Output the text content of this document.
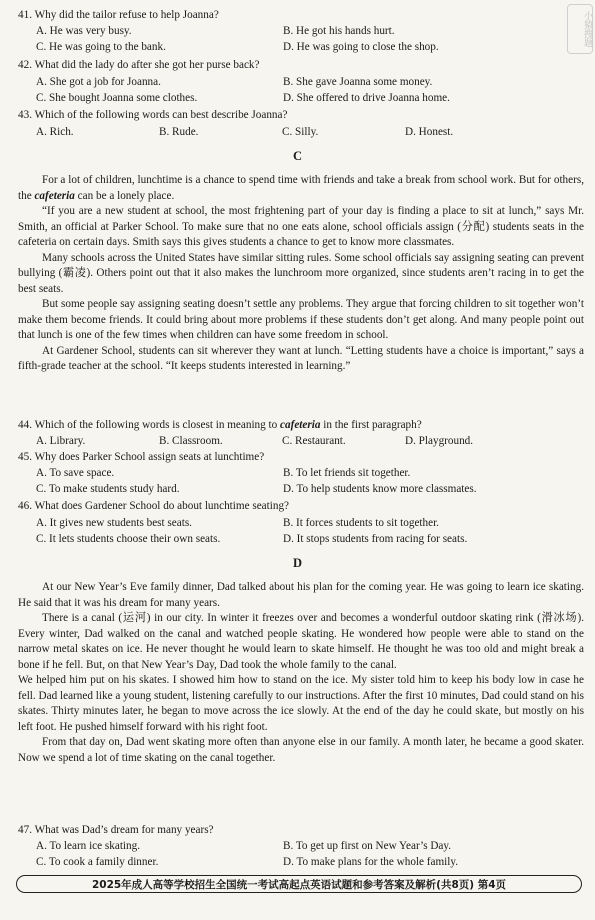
小猿搜题
41. Why did the tailor refuse to help Joanna?
A. He was very busy.	B. He got his hands hurt.
C. He was going to the bank.	D. He was going to close the shop.
42. What did the lady do after she got her purse back?
A. She got a job for Joanna.	B. She gave Joanna some money.
C. She bought Joanna some clothes.	D. She offered to drive Joanna home.
43. Which of the following words can best describe Joanna?
A. Rich.	B. Rude.	C. Silly.	D. Honest.
C

For a lot of children, lunchtime is a chance to spend time with friends and take a break from school work. But for others, the cafeteria can be a lonely place.

“If you are a new student at school, the most frightening part of your day is finding a place to sit at lunch,” says Mr. Smith, an official at Parker School. To make sure that no one eats alone, school officials assign (分配) students seats in the cafeteria on certain days. Smith says this gives students a chance to get to know more classmates.

Many schools across the United States have similar sitting rules. Some school officials say assigning seating can prevent bullying (霸凌). Others point out that it also makes the lunchroom more organized, since students aren’t racing in to get the best seats.

But some people say assigning seating doesn’t settle any problems. They argue that forcing children to sit together won’t make them become friends. It could bring about more problems if these students don’t get along. And many people point out that lunch is one of the few times when children can have some freedom in school.

At Gardener School, students can sit wherever they want at lunch. “Letting students have a choice is important,” says a fifth-grade teacher at the school. “It keeps students interested in learning.”

44. Which of the following words is closest in meaning to cafeteria in the first paragraph?
A. Library.	B. Classroom.	C. Restaurant.	D. Playground.
45. Why does Parker School assign seats at lunchtime?
A. To save space.	B. To let friends sit together.
C. To make students study hard.	D. To help students know more classmates.
46. What does Gardener School do about lunchtime seating?
A. It gives new students best seats.	B. It forces students to sit together.
C. It lets students choose their own seats.	D. It stops students from racing for seats.
D

At our New Year’s Eve family dinner, Dad talked about his plan for the coming year. He was going to learn ice skating. He said that it was his dream for many years.

There is a canal (运河) in our city. In winter it freezes over and becomes a wonderful outdoor skating rink (滑冰场). Every winter, Dad walked on the canal and watched people skating. He wondered how people were able to stand on the narrow metal skates on ice. He never thought he would learn to skate himself. He thought he was too old and might break a bone if he fell. But, on that New Year’s Day, Dad took the whole family to the canal.

We helped him put on his skates. I showed him how to stand on the ice. My sister told him to keep his body low in case he fell. Dad learned like a young student, listening carefully to our instructions. After the first 10 minutes, Dad could stand on his skates. Thirty minutes later, he began to move across the ice slowly. At the end of the day he could skate, but mostly on his left foot. He pushed himself forward with his right foot.

From that day on, Dad went skating more often than anyone else in our family. A month later, he became a good skater. Now we spend a lot of time skating on the canal together.

47. What was Dad’s dream for many years?
A. To learn ice skating.	B. To get up first on New Year’s Day.
C. To cook a family dinner.	D. To make plans for the whole family.
2025年成人高等学校招生全国统一考试高起点英语试题和参考答案及解析(共8页) 第4页
